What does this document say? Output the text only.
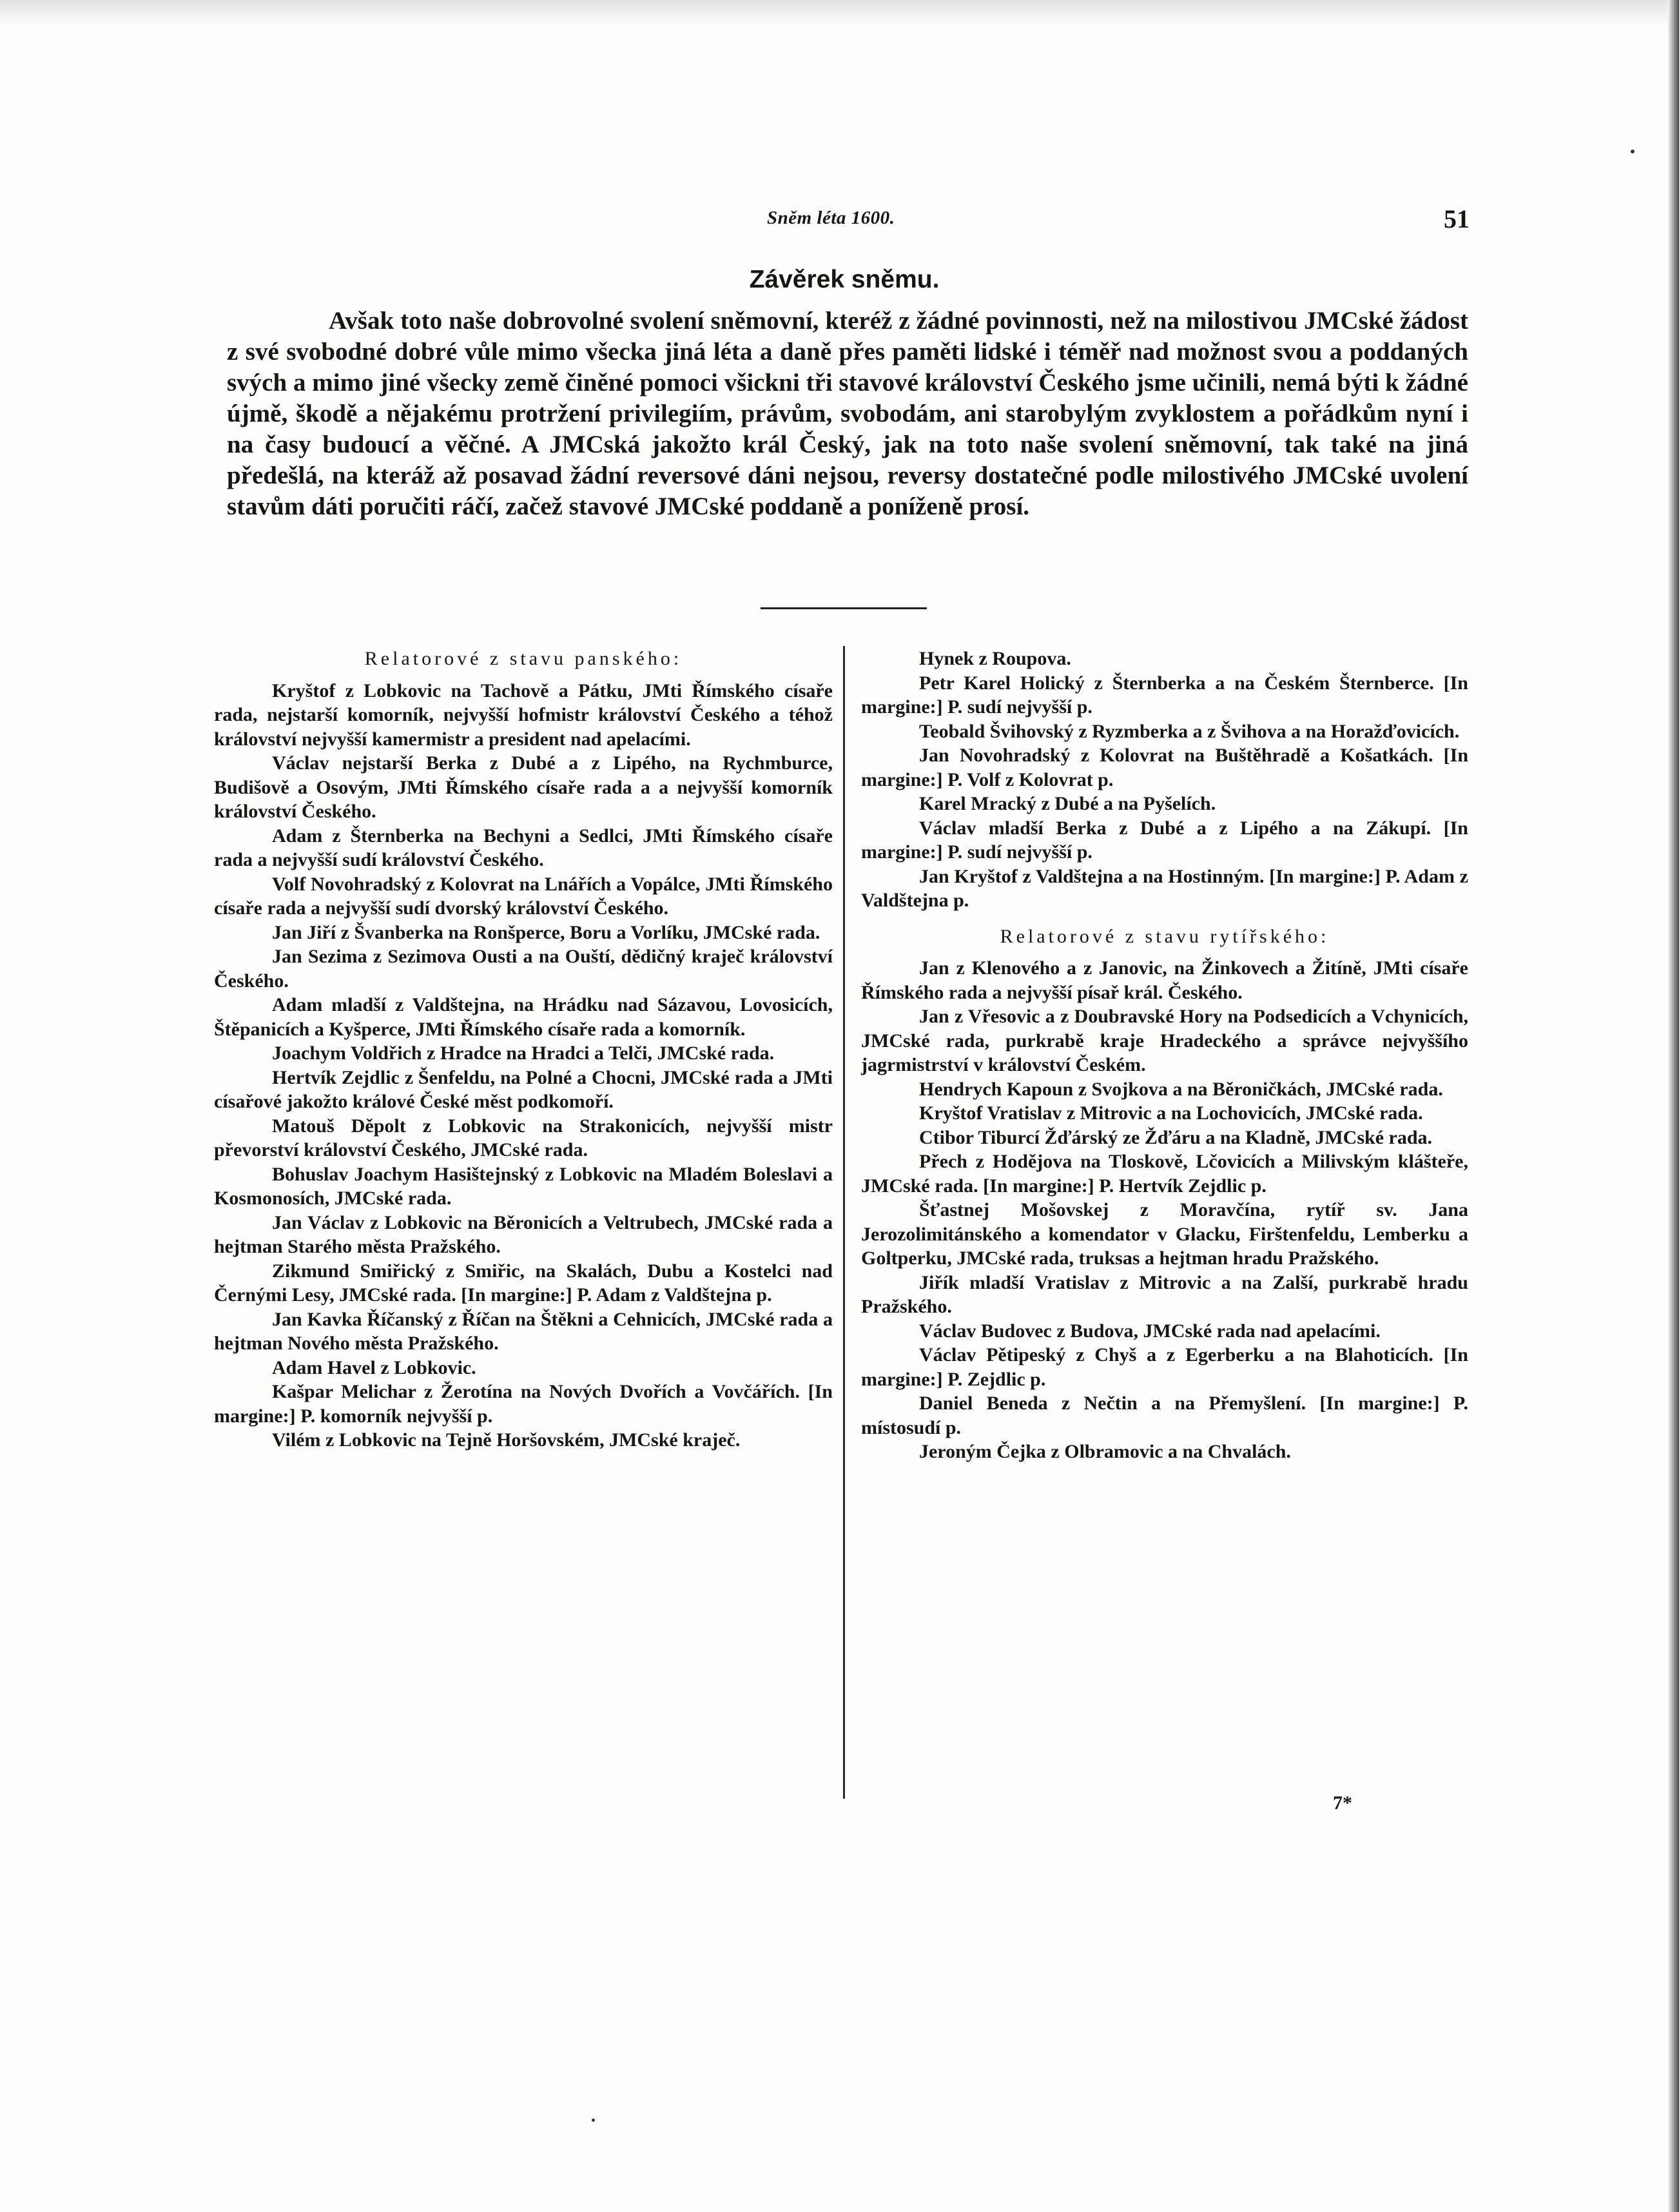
Sněm léta 1600.	51
Závěrek sněmu.

Avšak toto naše dobrovolné svolení sněmovní, kteréž z žádné povinnosti, než na milostivou JMCské žádost z své svobodné dobré vůle mimo všecka jiná léta a daně přes paměti lidské i téměř nad možnost svou a poddaných svých a mimo jiné všecky země činěné pomoci všickni tři stavové království Českého jsme učinili, nemá býti k žádné újmě, škodě a nějakému protržení privilegiím, právům, svobodám, ani starobylým zvyklostem a pořádkům nyní i na časy budoucí a věčné. A JMCská jakožto král Český, jak na toto naše svolení sněmovní, tak také na jiná předešlá, na kteráž až posavad žádní reversové dáni nejsou, reversy dostatečné podle milostivého JMCské uvolení stavům dáti poručiti ráčí, začež stavové JMCské poddaně a poníženě prosí.

Relatorové z stavu panského:

Kryštof z Lobkovic na Tachově a Pátku, JMti Římského císaře rada, nejstarší komorník, nejvyšší hofmistr království Českého a téhož království nejvyšší kamermistr a president nad apelacími.

Václav nejstarší Berka z Dubé a z Lipého, na Rychmburce, Budišově a Osovým, JMti Římského císaře rada a a nejvyšší komorník království Českého.

Adam z Šternberka na Bechyni a Sedlci, JMti Římského císaře rada a nejvyšší sudí království Českého.

Volf Novohradský z Kolovrat na Lnářích a Vopálce, JMti Římského císaře rada a nejvyšší sudí dvorský království Českého.

Jan Jiří z Švanberka na Ronšperce, Boru a Vorlíku, JMCské rada.

Jan Sezima z Sezimova Ousti a na Ouští, dědičný kraječ království Českého.

Adam mladší z Valdštejna, na Hrádku nad Sázavou, Lovosicích, Štěpanicích a Kyšperce, JMti Římského císaře rada a komorník.

Joachym Voldřich z Hradce na Hradci a Telči, JMCské rada.

Hertvík Zejdlic z Šenfeldu, na Polné a Chocni, JMCské rada a JMti císařové jakožto králové České měst podkomoří.

Matouš Děpolt z Lobkovic na Strakonicích, nejvyšší mistr převorství království Českého, JMCské rada.

Bohuslav Joachym Hasištejnský z Lobkovic na Mladém Boleslavi a Kosmonosích, JMCské rada.

Jan Václav z Lobkovic na Běronicích a Veltrubech, JMCské rada a hejtman Starého města Pražského.

Zikmund Smiřický z Smiřic, na Skalách, Dubu a Kostelci nad Černými Lesy, JMCské rada. [In margine:] P. Adam z Valdštejna p.

Jan Kavka Říčanský z Říčan na Štěkni a Cehnicích, JMCské rada a hejtman Nového města Pražského.

Adam Havel z Lobkovic.

Kašpar Melichar z Žerotína na Nových Dvořích a Vovčářích. [In margine:] P. komorník nejvyšší p.

Vilém z Lobkovic na Tejně Horšovském, JMCské kraječ.

Hynek z Roupova.

Petr Karel Holický z Šternberka a na Českém Šternberce. [In margine:] P. sudí nejvyšší p.

Teobald Švihovský z Ryzmberka a z Švihova a na Horažďovicích.

Jan Novohradský z Kolovrat na Buštěhradě a Košatkách. [In margine:] P. Volf z Kolovrat p.

Karel Mracký z Dubé a na Pyšelích.

Václav mladší Berka z Dubé a z Lipého a na Zákupí. [In margine:] P. sudí nejvyšší p.

Jan Kryštof z Valdštejna a na Hostinným. [In margine:] P. Adam z Valdštejna p.

Relatorové z stavu rytířského:

Jan z Klenového a z Janovic, na Žinkovech a Žitíně, JMti císaře Římského rada a nejvyšší písař král. Českého.

Jan z Vřesovic a z Doubravské Hory na Podsedicích a Vchynicích, JMCské rada, purkrabě kraje Hradeckého a správce nejvyššího jagrmistrství v království Českém.

Hendrych Kapoun z Svojkova a na Běroničkách, JMCské rada.

Kryštof Vratislav z Mitrovic a na Lochovicích, JMCské rada.

Ctibor Tiburcí Žďárský ze Žďáru a na Kladně, JMCské rada.

Přech z Hodějova na Tloskově, Lčovicích a Milivským klášteře, JMCské rada. [In margine:] P. Hertvík Zejdlic p.

Šťastnej Mošovskej z Moravčína, rytíř sv. Jana Jerozolimitánského a komendator v Glacku, Firštenfeldu, Lemberku a Goltperku, JMCské rada, truksas a hejtman hradu Pražského.

Jiřík mladší Vratislav z Mitrovic a na Zalší, purkrabě hradu Pražského.

Václav Budovec z Budova, JMCské rada nad apelacími.

Václav Pětipeský z Chyš a z Egerberku a na Blahoticích. [In margine:] P. Zejdlic p.

Daniel Beneda z Nečtin a na Přemyšlení. [In margine:] P. místosudí p.

Jeroným Čejka z Olbramovic a na Chvalách.

7*
